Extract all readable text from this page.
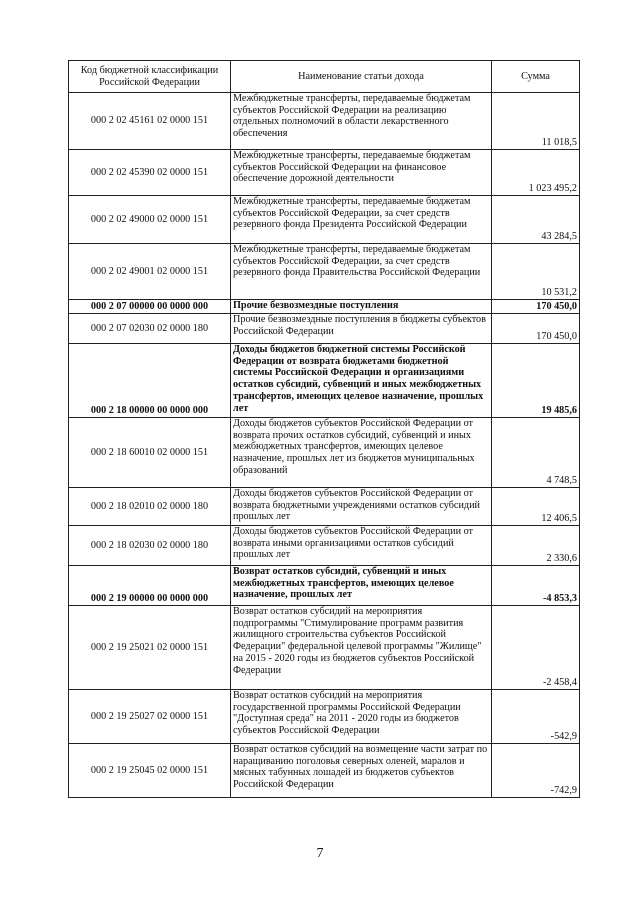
Код бюджетной классификации Российской Федерации	Наименование статьи дохода	Сумма
000 2 02 45161 02 0000 151	Межбюджетные трансферты, передаваемые бюджетам субъектов Российской Федерации на реализацию отдельных полномочий в области лекарственного обеспечения	11 018,5
000 2 02 45390 02 0000 151	Межбюджетные трансферты, передаваемые бюджетам субъектов Российской Федерации на финансовое обеспечение дорожной деятельности	1 023 495,2
000 2 02 49000 02 0000 151	Межбюджетные трансферты, передаваемые бюджетам субъектов Российской Федерации, за счет средств резервного фонда Президента Российской Федерации	43 284,5
000 2 02 49001 02 0000 151	Межбюджетные трансферты, передаваемые бюджетам субъектов Российской Федерации, за счет средств резервного фонда Правительства Российской Федерации	10 531,2
000 2 07 00000 00 0000 000	Прочие безвозмездные поступления	170 450,0
000 2 07 02030 02 0000 180	Прочие безвозмездные поступления в бюджеты субъектов Российской Федерации	170 450,0
000 2 18 00000 00 0000 000	Доходы бюджетов бюджетной системы Российской Федерации от возврата бюджетами бюджетной системы Российской Федерации и организациями остатков субсидий, субвенций и иных межбюджетных трансфертов, имеющих целевое назначение, прошлых лет	19 485,6
000 2 18 60010 02 0000 151	Доходы бюджетов субъектов Российской Федерации от возврата прочих остатков субсидий, субвенций и иных межбюджетных трансфертов, имеющих целевое назначение, прошлых лет из бюджетов муниципальных образований	4 748,5
000 2 18 02010 02 0000 180	Доходы бюджетов субъектов Российской Федерации от возврата бюджетными учреждениями остатков субсидий прошлых лет	12 406,5
000 2 18 02030 02 0000 180	Доходы бюджетов субъектов Российской Федерации от возврата иными организациями остатков субсидий прошлых лет	2 330,6
000 2 19 00000 00 0000 000	Возврат остатков субсидий, субвенций и иных межбюджетных трансфертов, имеющих целевое назначение, прошлых лет	-4 853,3
000 2 19 25021 02 0000 151	Возврат остатков субсидий на мероприятия подпрограммы "Стимулирование программ развития жилищного строительства субъектов Российской Федерации" федеральной целевой программы "Жилище" на 2015 - 2020 годы из бюджетов субъектов Российской Федерации	-2 458,4
000 2 19 25027 02 0000 151	Возврат остатков субсидий на мероприятия государственной программы Российской Федерации "Доступная среда" на 2011 - 2020 годы из бюджетов субъектов Российской Федерации	-542,9
000 2 19 25045 02 0000 151	Возврат остатков субсидий на возмещение части затрат по наращиванию поголовья северных оленей, маралов и мясных табунных лошадей из бюджетов субъектов Российской Федерации	-742,9
7
